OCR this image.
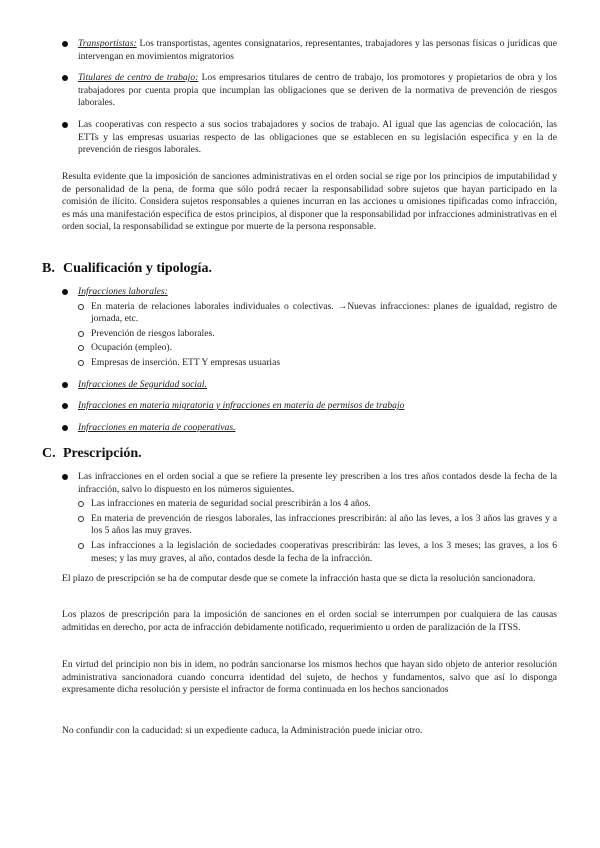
Transportistas: Los transportistas, agentes consignatarios, representantes, trabajadores y las personas físicas o jurídicas que intervengan en movimientos migratorios
Titulares de centro de trabajo: Los empresarios titulares de centro de trabajo, los promotores y propietarios de obra y los trabajadores por cuenta propia que incumplan las obligaciones que se deriven de la normativa de prevención de riesgos laborales.
Las cooperativas con respecto a sus socios trabajadores y socios de trabajo. Al igual que las agencias de colocación, las ETTs y las empresas usuarias respecto de las obligaciones que se establecen en su legislación específica y en la de prevención de riesgos laborales.

Resulta evidente que la imposición de sanciones administrativas en el orden social se rige por los principios de imputabilidad y de personalidad de la pena, de forma que sólo podrá recaer la responsabilidad sobre sujetos que hayan participado en la comisión de ilícito. Considera sujetos responsables a quienes incurran en las acciones u omisiones tipificadas como infracción, es más una manifestación específica de estos principios, al disponer que la responsabilidad por infracciones administrativas en el orden social, la responsabilidad se extingue por muerte de la persona responsable.

B. Cualificación y tipología.
Infracciones laborales:
En materia de relaciones laborales individuales o colectivas. →Nuevas infracciones: planes de igualdad, registro de jornada, etc.
Prevención de riesgos laborales.
Ocupación (empleo).
Empresas de inserción. ETT Y empresas usuarias
Infracciones de Seguridad social.
Infracciones en materia migratoria y infracciones en materia de permisos de trabajo
Infracciones en materia de cooperativas.
C. Prescripción.
Las infracciones en el orden social a que se refiere la presente ley prescriben a los tres años contados desde la fecha de la infracción, salvo lo dispuesto en los números siguientes.
Las infracciones en materia de seguridad social prescribirán a los 4 años.
En materia de prevención de riesgos laborales, las infracciones prescribirán: al año las leves, a los 3 años las graves y a los 5 años las muy graves.
Las infracciones a la legislación de sociedades cooperativas prescribirán: las leves, a los 3 meses; las graves, a los 6 meses; y las muy graves, al año, contados desde la fecha de la infracción.

El plazo de prescripción se ha de computar desde que se comete la infracción hasta que se dicta la resolución sancionadora.

Los plazos de prescripción para la imposición de sanciones en el orden social se interrumpen por cualquiera de las causas admitidas en derecho, por acta de infracción debidamente notificado, requerimiento u orden de paralización de la ITSS.

En virtud del principio non bis in idem, no podrán sancionarse los mismos hechos que hayan sido objeto de anterior resolución administrativa sancionadora cuando concurra identidad del sujeto, de hechos y fundamentos, salvo que así lo disponga expresamente dicha resolución y persiste el infractor de forma continuada en los hechos sancionados

No confundir con la caducidad: si un expediente caduca, la Administración puede iniciar otro.
